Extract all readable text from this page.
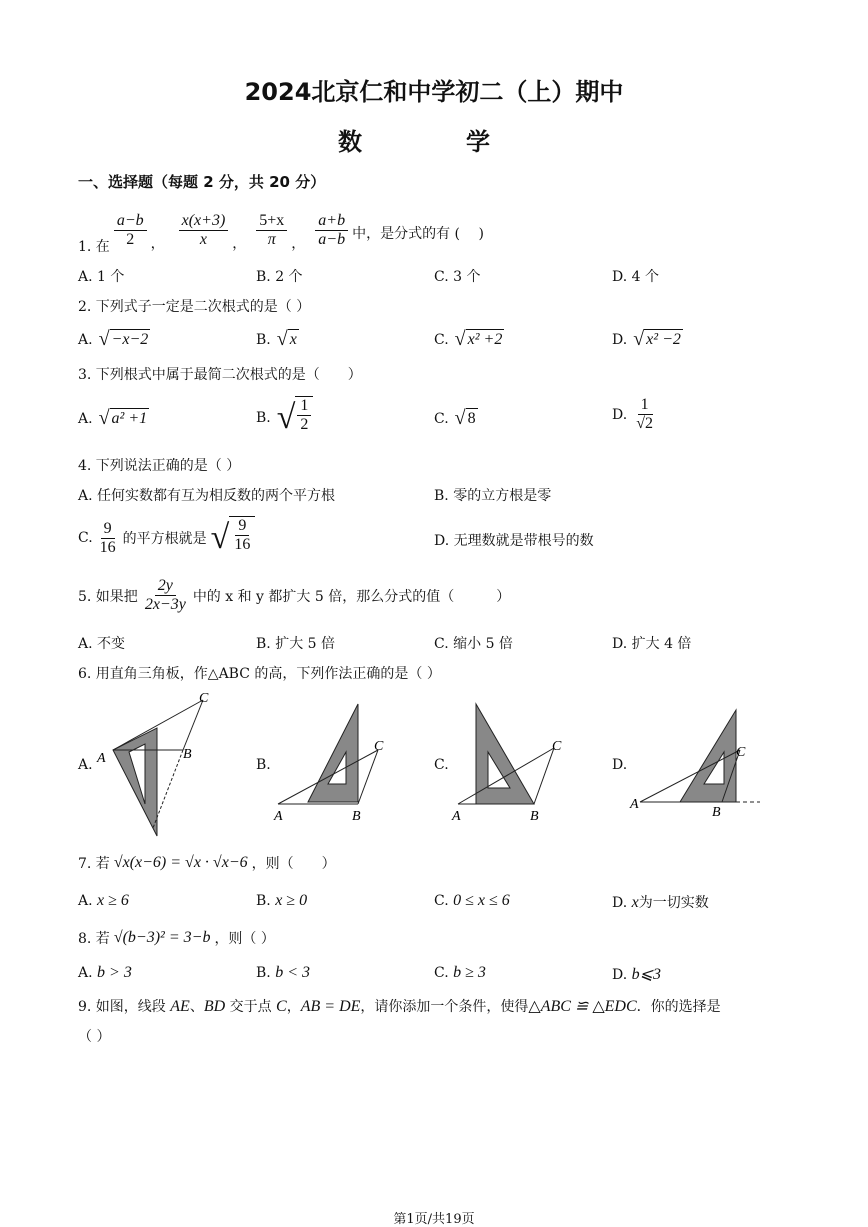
2024北京仁和中学初二（上）期中
数　学
一、选择题（每题 2 分，共 20 分）
1. 在 $\frac{a-b}{2}$ ， $\frac{x(x+3)}{x}$ ， $\frac{5+x}{\pi}$ ， $\frac{a+b}{a-b}$ 中，是分式的有 (　 )
A. 1 个	B. 2 个	C. 3 个	D. 4 个
2. 下列式子一定是二次根式的是（ ）
A. √ −x−2	B. √ x	C. √ x² +2	D. √ x² −2
3. 下列根式中属于最简二次根式的是（　　）
A. √ a² +1	B. √ $\frac{1}{2}$	C. √ 8	D. $\frac{1}{√2}$
4. 下列说法正确的是（ ）
A. 任何实数都有互为相反数的两个平方根	B. 零的立方根是零
C. $\frac{9}{16}$ 的平方根就是 √ $\frac{9}{16}$	D. 无理数就是带根号的数
5. 如果把 $\frac{2y}{2x-3y}$ 中的 x 和 y 都扩大 5 倍，那么分式的值（　　　）
A. 不变	B. 扩大 5 倍	C. 缩小 5 倍	D. 扩大 4 倍
6. 用直角三角板，作△ABC 的高，下列作法正确的是（ ）
A. A	B
C
B.
A	B
C
C.
A	B
C
D.
A
B
C
7. 若 √x(x−6) = √x · √x−6 ，则（　　）
A. x ≥ 6	B. x ≥ 0	C. 0 ≤ x ≤ 6	D. x为一切实数
8. 若 √(b−3)² = 3−b ，则（ ）
A. b > 3	B. b < 3	C. b ≥ 3	D. b⩽3
9. 如图，线段 AE、BD 交于点 C，AB = DE，请你添加一个条件，使得△ABC ≌ △EDC．你的选择是
（ ）
第1页/共19页
